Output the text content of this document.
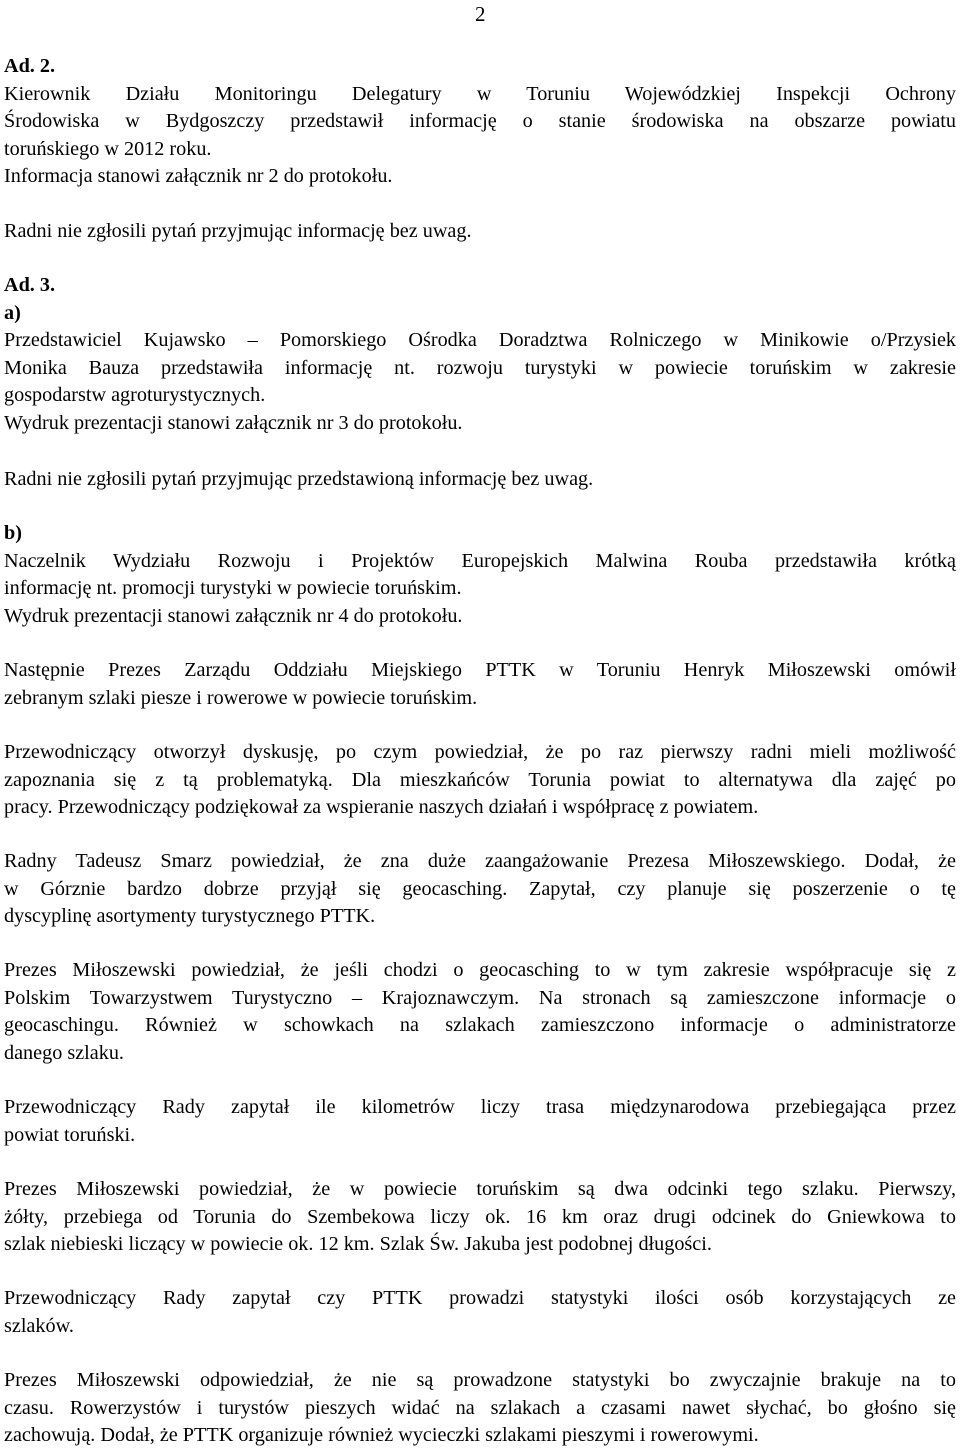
2
Ad. 2.
Kierownik Działu Monitoringu Delegatury w Toruniu Wojewódzkiej Inspekcji Ochrony
Środowiska w Bydgoszczy przedstawił informację o stanie środowiska na obszarze powiatu
toruńskiego w 2012 roku.
Informacja stanowi załącznik nr 2 do protokołu.
Radni nie zgłosili pytań przyjmując informację bez uwag.
Ad. 3.
a)
Przedstawiciel Kujawsko – Pomorskiego Ośrodka Doradztwa Rolniczego w Minikowie o/Przysiek
Monika Bauza przedstawiła informację nt. rozwoju turystyki w powiecie toruńskim w zakresie
gospodarstw agroturystycznych.
Wydruk prezentacji stanowi załącznik nr 3 do protokołu.
Radni nie zgłosili pytań przyjmując przedstawioną informację bez uwag.
b)
Naczelnik Wydziału Rozwoju i Projektów Europejskich Malwina Rouba przedstawiła krótką
informację nt. promocji turystyki w powiecie toruńskim.
Wydruk prezentacji stanowi załącznik nr 4 do protokołu.
Następnie Prezes Zarządu Oddziału Miejskiego PTTK w Toruniu Henryk Miłoszewski omówił
zebranym szlaki piesze i rowerowe w powiecie toruńskim.
Przewodniczący otworzył dyskusję, po czym powiedział, że po raz pierwszy radni mieli możliwość
zapoznania się z tą problematyką. Dla mieszkańców Torunia powiat to alternatywa dla zajęć po
pracy. Przewodniczący podziękował za wspieranie naszych działań i współpracę z powiatem.
Radny Tadeusz Smarz powiedział, że zna duże zaangażowanie Prezesa Miłoszewskiego. Dodał, że
w Górznie bardzo dobrze przyjął się geocasching. Zapytał, czy planuje się poszerzenie o tę
dyscyplinę asortymenty turystycznego PTTK.
Prezes Miłoszewski powiedział, że jeśli chodzi o geocasching to w tym zakresie współpracuje się z
Polskim Towarzystwem Turystyczno – Krajoznawczym. Na stronach są zamieszczone informacje o
geocaschingu. Również w schowkach na szlakach zamieszczono informacje o administratorze
danego szlaku.
Przewodniczący Rady zapytał ile kilometrów liczy trasa międzynarodowa przebiegająca przez
powiat toruński.
Prezes Miłoszewski powiedział, że w powiecie toruńskim są dwa odcinki tego szlaku. Pierwszy,
żółty, przebiega od Torunia do Szembekowa liczy ok. 16 km oraz drugi odcinek do Gniewkowa to
szlak niebieski liczący w powiecie ok. 12 km. Szlak Św. Jakuba jest podobnej długości.
Przewodniczący Rady zapytał czy PTTK prowadzi statystyki ilości osób korzystających ze
szlaków.
Prezes Miłoszewski odpowiedział, że nie są prowadzone statystyki bo zwyczajnie brakuje na to
czasu. Rowerzystów i turystów pieszych widać na szlakach a czasami nawet słychać, bo głośno się
zachowują. Dodał, że PTTK organizuje również wycieczki szlakami pieszymi i rowerowymi.
